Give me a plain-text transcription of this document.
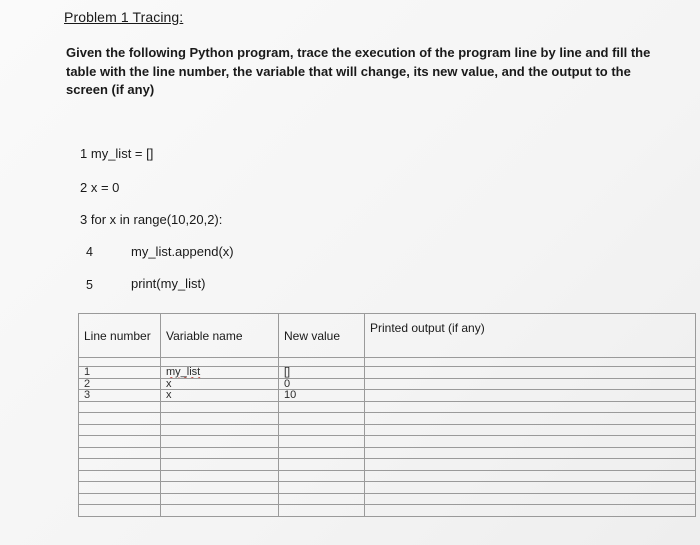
Problem 1 Tracing:
Given the following Python program, trace the execution of the program line by line and fill the table with the line number, the variable that will change, its new value, and the output to the screen (if any)
1 my_list = []
2 x = 0
3 for x in range(10,20,2):
4	my_list.append(x)
5	print(my_list)
Line number	Variable name	New value	Printed output (if any)

1	my_list	[]	
2	x	0	
3	x	10	
